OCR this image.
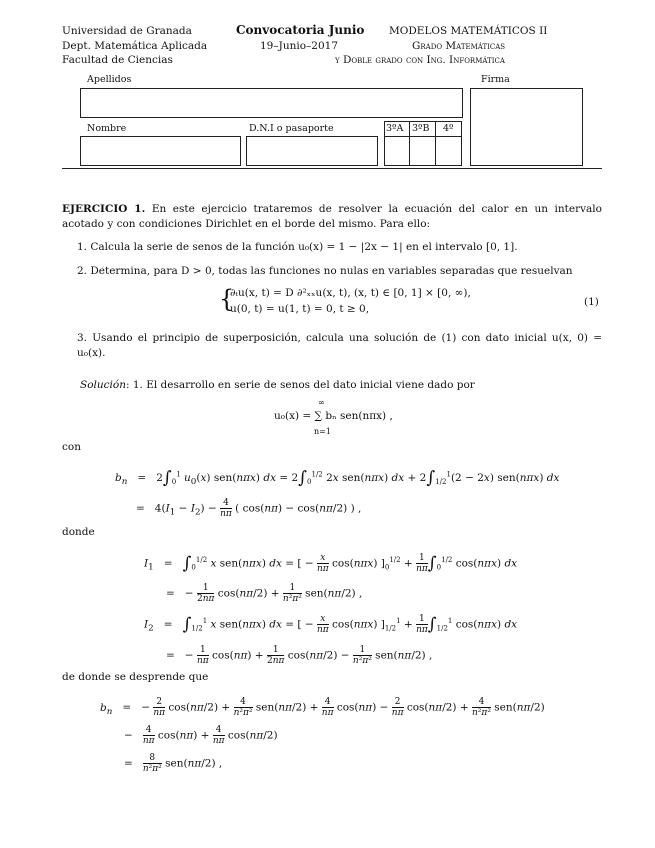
Universidad de Granada
Dept. Matemática Aplicada
Facultad de Ciencias
Convocatoria Junio
19–Junio–2017
MODELOS MATEMÁTICOS II
Grado Matemáticas
y Doble grado con Ing. Informática
Apellidos	Firma
Nombre	D.N.I o pasaporte	3ºA 3ºB 4º
EJERCICIO 1. En este ejercicio trataremos de resolver la ecuación del calor en un intervalo acotado y con condiciones Dirichlet en el borde del mismo. Para ello:
1. Calcula la serie de senos de la función u₀(x) = 1 − |2x − 1| en el intervalo [0, 1].
2. Determina, para D > 0, todas las funciones no nulas en variables separadas que resuelvan
{
∂ₜu(x, t) = D ∂²ₓₓu(x, t), (x, t) ∈ [0, 1] × [0, ∞),
u(0, t) = u(1, t) = 0, t ≥ 0,
(1)
3. Usando el principio de superposición, calcula una solución de (1) con dato inicial u(x, 0) = u₀(x).
Solución: 1. El desarrollo en serie de senos del dato inicial viene dado por
u₀(x) = ∑ bₙ sen(nπx) ,
∞
n=1
con
$b_n = 2\int_0^1$ $u_0(x)$ sen(nπx) dx = $2\int_0^{1/2}$ 2x sen(nπx) dx + $2\int_{1/2}^1(2 - 2x)$ sen(nπx) dx
=   $4(I_1 - I_2) - \frac{4}{n\pi}$ ( cos(nπ) − cos(nπ/2) ) ,
donde
$I_1 = \int_0^{1/2}$ x sen(nπx) dx = [ − $\frac{x}{n\pi} \cos(n\pi x) ]_0^{1/2} + \frac{1}{n\pi} \int_0^{1/2}$ cos(nπx) dx
=   − $\frac{1}{2n\pi} \cos(n\pi/2) + \frac{1}{\text{n²π²}} sen(n\pi/2)$ ,
$I_2 = \int_{1/2}^1$ x sen(nπx) dx = [ − $\frac{x}{n\pi} \cos(n\pi x) ]_{1/2}^1 + \frac{1}{n\pi} \int_{1/2}^1$ cos(nπx) dx
=   − $\frac{1}{n\pi} \cos(n\pi) + \frac{1}{2n\pi} \cos(n\pi/2) - \frac{1}{\text{n²π²}} sen(n\pi/2)$ ,
de donde se desprende que
$b_n$   =   − $\frac{2}{n\pi} \cos(n\pi/2) + \frac{4}{\text{n²π²}} sen(n\pi/2) + \frac{4}{n\pi} \cos(n\pi) - \frac{2}{n\pi} \cos(n\pi/2) + \frac{4}{\text{n²π²}} sen(n\pi/2)$
− $\frac{4}{n\pi} \cos(n\pi) + \frac{4}{n\pi} \cos(n\pi/2)$
= $\frac{8}{\text{n²π²}} sen(n\pi/2)$ ,
